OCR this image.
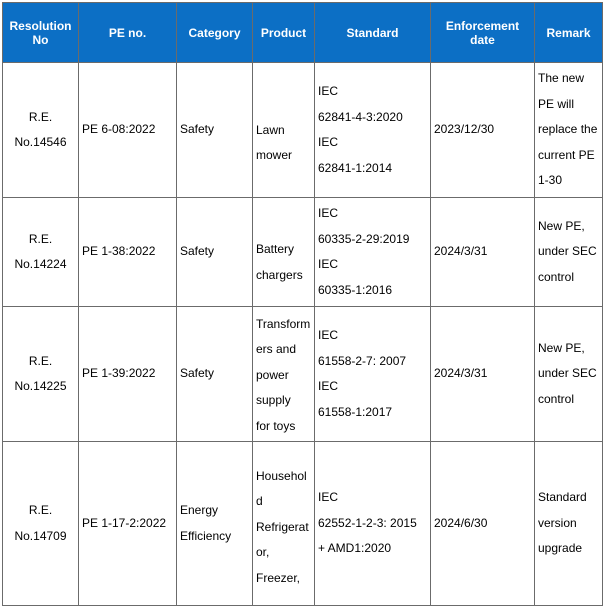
Resolution No	PE no.	Category	Product	Standard	Enforcement date	Remark

R.E.
No.14546	PE 6-08:2022	Safety	Lawn
mower	IEC
62841-4-3:2020
IEC
62841-1:2014	2023/12/30	The new
PE will
replace the
current PE
1-30

R.E.
No.14224	PE 1-38:2022	Safety	Battery
chargers	IEC
60335-2-29:2019
IEC
60335-1:2016	2024/3/31	New PE,
under SEC
control

R.E.
No.14225	PE 1-39:2022	Safety	Transform
ers and
power
supply
for toys	IEC
61558-2-7: 2007
IEC
61558-1:2017	2024/3/31	New PE,
under SEC
control

R.E.
No.14709	PE 1-17-2:2022	Energy
Efficiency	Househol
d
Refrigerat
or,
Freezer,	IEC
62552-1-2-3: 2015
+ AMD1:2020	2024/6/30	Standard
version
upgrade
